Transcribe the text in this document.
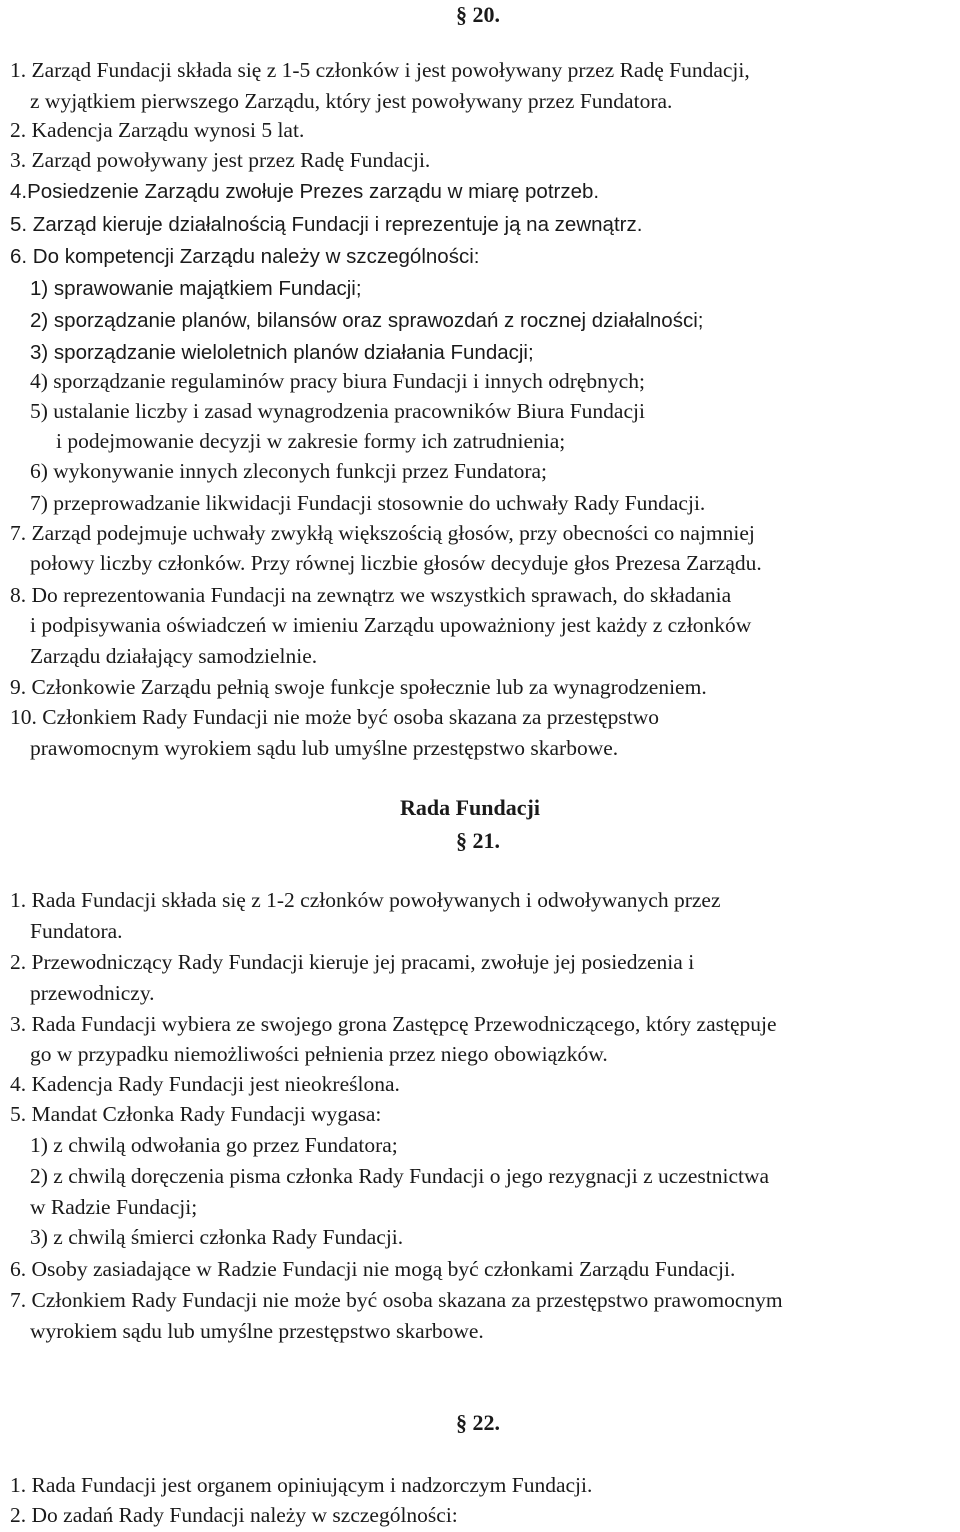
§ 20.
1. Zarząd Fundacji składa się z 1-5 członków i jest powoływany przez Radę Fundacji,
z wyjątkiem pierwszego Zarządu, który jest powoływany przez Fundatora.
2. Kadencja Zarządu wynosi 5 lat.
3. Zarząd powoływany jest przez Radę Fundacji.
4.Posiedzenie Zarządu zwołuje Prezes zarządu w miarę potrzeb.
5. Zarząd kieruje działalnością Fundacji i reprezentuje ją na zewnątrz.
6. Do kompetencji Zarządu należy w szczególności:
1) sprawowanie majątkiem Fundacji;
2) sporządzanie planów, bilansów oraz sprawozdań z rocznej działalności;
3) sporządzanie wieloletnich planów działania Fundacji;
4) sporządzanie regulaminów pracy biura Fundacji i innych odrębnych;
5) ustalanie liczby i zasad wynagrodzenia pracowników Biura Fundacji
i podejmowanie decyzji w zakresie formy ich zatrudnienia;
6) wykonywanie innych zleconych funkcji przez Fundatora;
7) przeprowadzanie likwidacji Fundacji stosownie do uchwały Rady Fundacji.
7. Zarząd podejmuje uchwały zwykłą większością głosów, przy obecności co najmniej
połowy liczby członków. Przy równej liczbie głosów decyduje głos Prezesa Zarządu.
8. Do reprezentowania Fundacji na zewnątrz we wszystkich sprawach, do składania
i podpisywania oświadczeń w imieniu Zarządu upoważniony jest każdy z członków
Zarządu działający samodzielnie.
9. Członkowie Zarządu pełnią swoje funkcje społecznie lub za wynagrodzeniem.
10. Członkiem Rady Fundacji nie może być osoba skazana za przestępstwo
prawomocnym wyrokiem sądu lub umyślne przestępstwo skarbowe.
Rada Fundacji
§ 21.
1. Rada Fundacji składa się z 1-2 członków powoływanych i odwoływanych przez
Fundatora.
2. Przewodniczący Rady Fundacji kieruje jej pracami, zwołuje jej posiedzenia i
przewodniczy.
3. Rada Fundacji wybiera ze swojego grona Zastępcę Przewodniczącego, który zastępuje
go w przypadku niemożliwości pełnienia przez niego obowiązków.
4. Kadencja Rady Fundacji jest nieokreślona.
5. Mandat Członka Rady Fundacji wygasa:
1) z chwilą odwołania go przez Fundatora;
2) z chwilą doręczenia pisma członka Rady Fundacji o jego rezygnacji z uczestnictwa
w Radzie Fundacji;
3) z chwilą śmierci członka Rady Fundacji.
6. Osoby zasiadające w Radzie Fundacji nie mogą być członkami Zarządu Fundacji.
7. Członkiem Rady Fundacji nie może być osoba skazana za przestępstwo prawomocnym
wyrokiem sądu lub umyślne przestępstwo skarbowe.
§ 22.
1. Rada Fundacji jest organem opiniującym i nadzorczym Fundacji.
2. Do zadań Rady Fundacji należy w szczególności:
